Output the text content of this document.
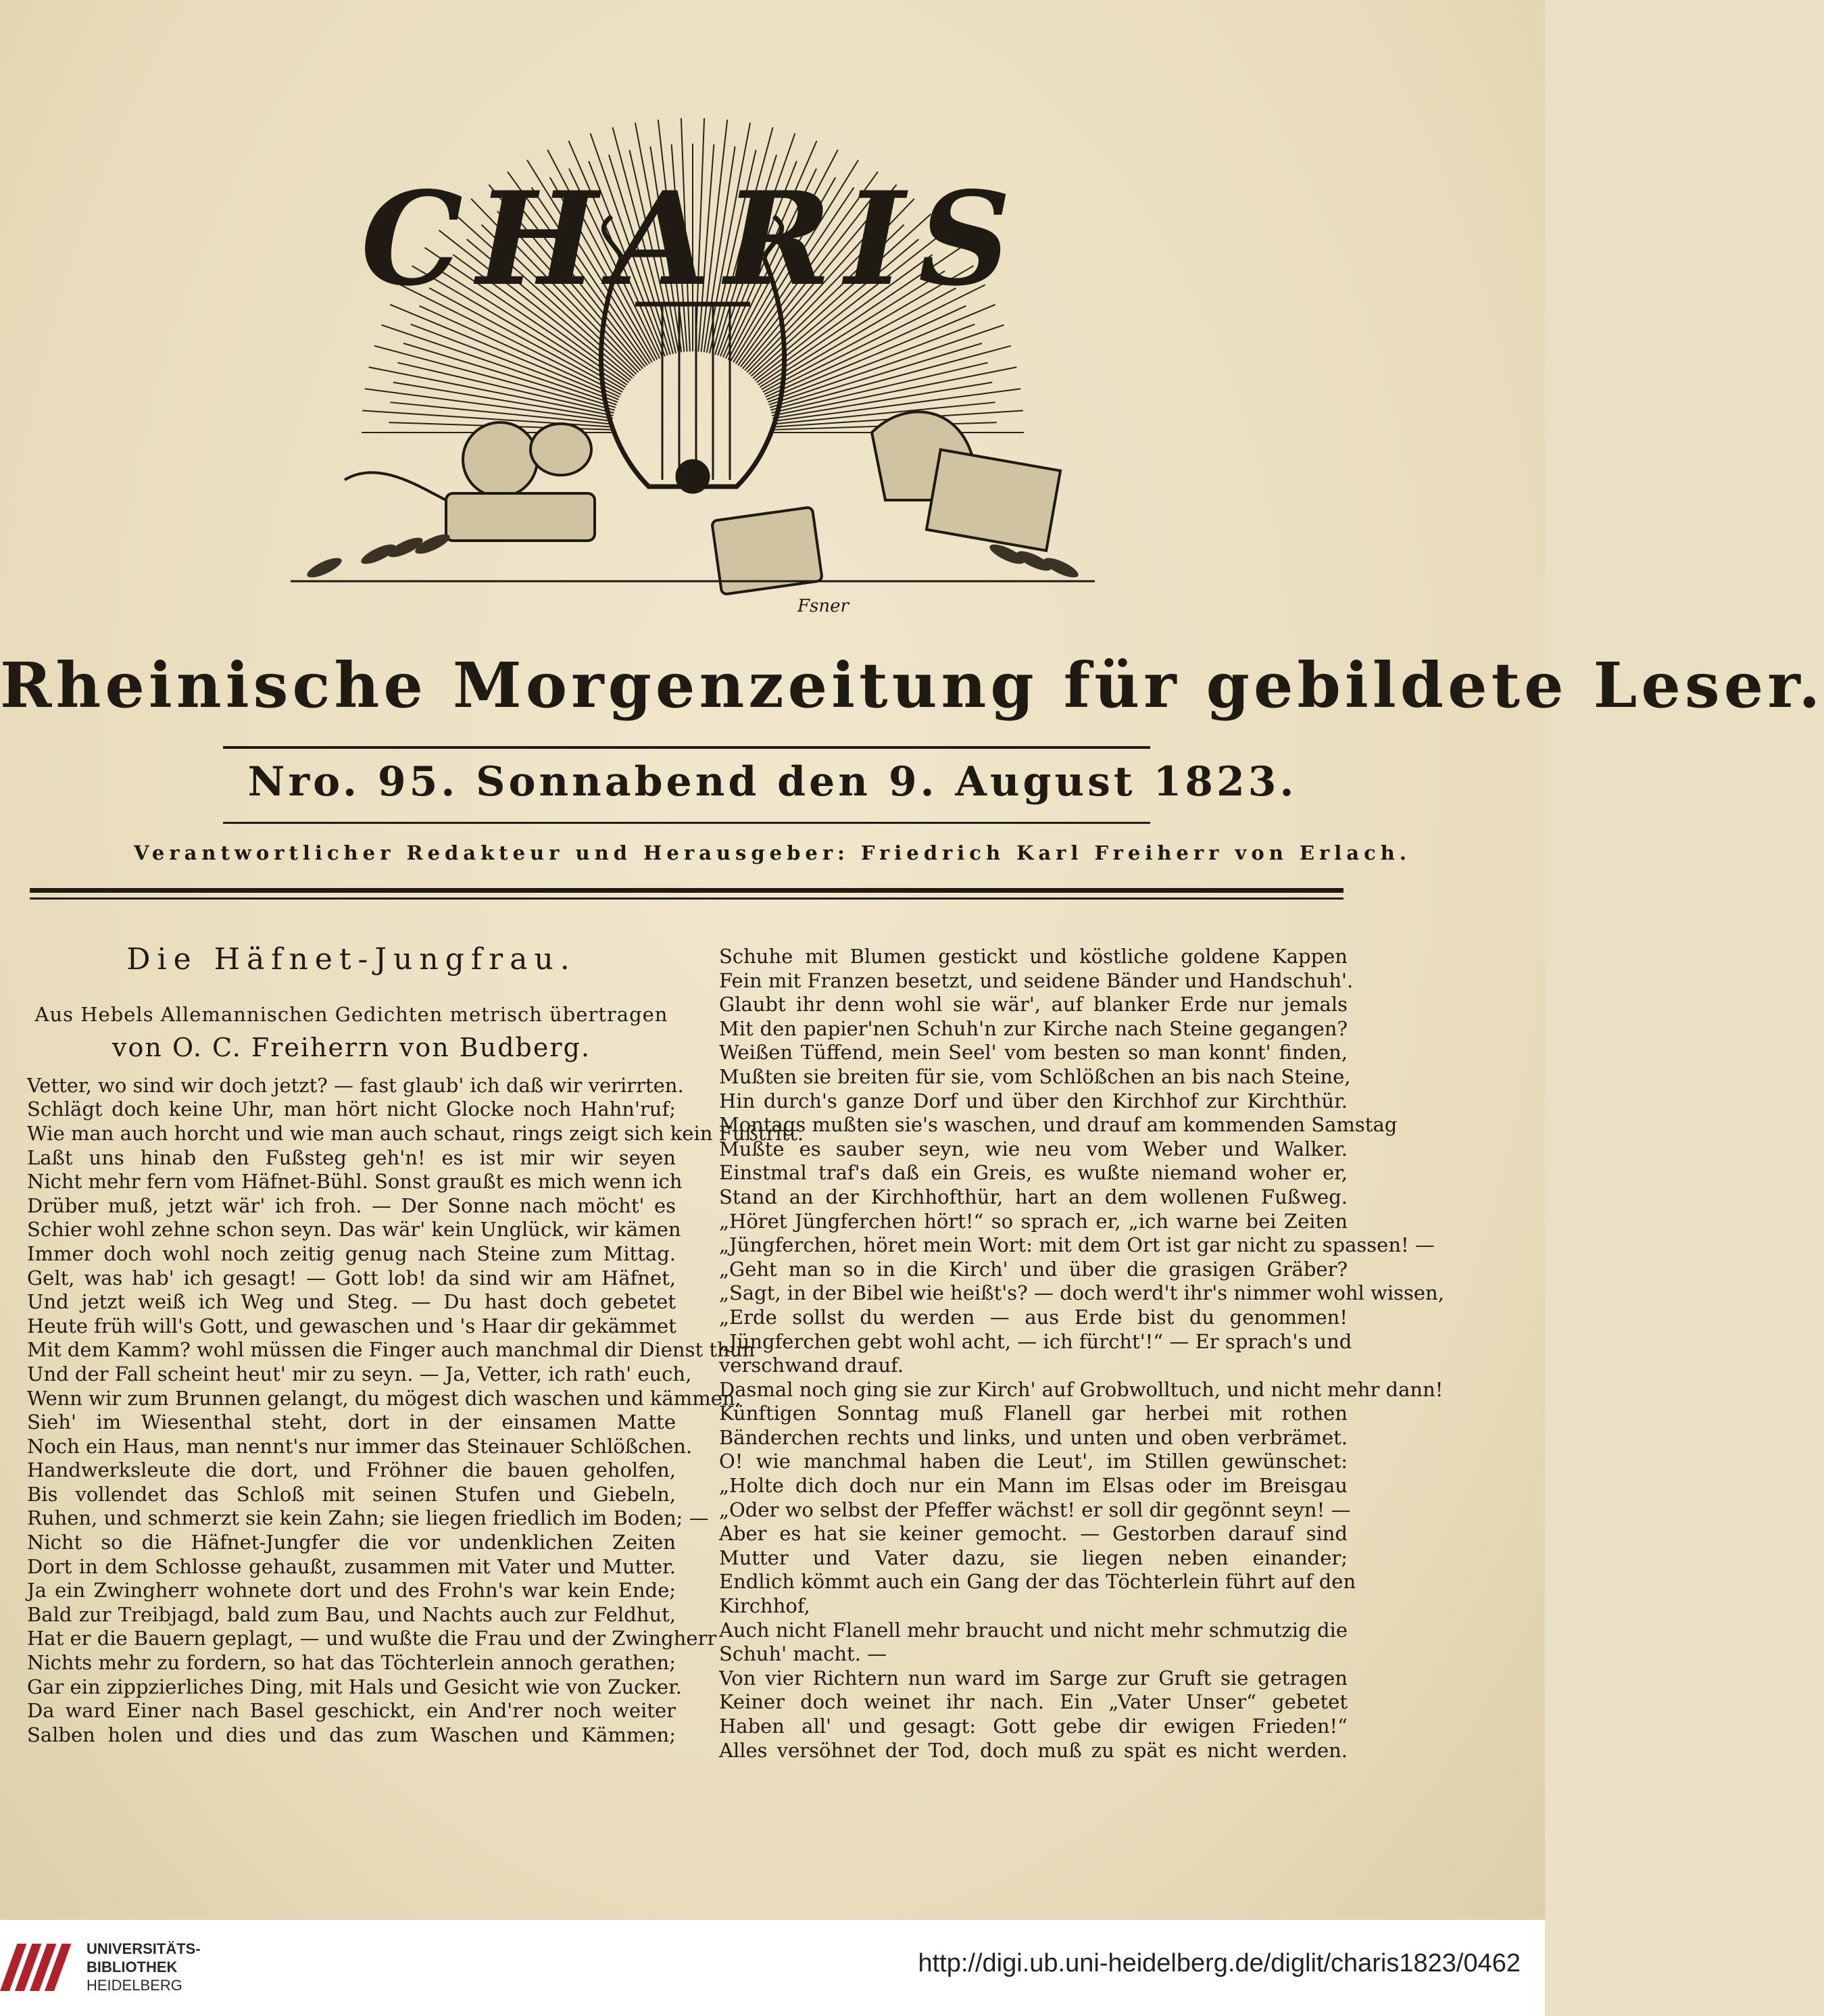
CHARIS
Fsner
Rheinische Morgenzeitung für gebildete Leser.
Nro. 95. Sonnabend den 9. August 1823.
Verantwortlicher Redakteur und Herausgeber: Friedrich Karl Freiherr von Erlach.
Die Häfnet-Jungfrau.
Aus Hebels Allemannischen Gedichten metrisch übertragen
von O. C. Freiherrn von Budberg.
Vetter, wo sind wir doch jetzt? — fast glaub' ich daß wir verirrten.
Schlägt doch keine Uhr, man hört nicht Glocke noch Hahn'ruf;
Wie man auch horcht und wie man auch schaut, rings zeigt sich kein Fußtritt.
Laßt uns hinab den Fußsteg geh'n! es ist mir wir seyen
Nicht mehr fern vom Häfnet-Bühl. Sonst graußt es mich wenn ich
Drüber muß, jetzt wär' ich froh. — Der Sonne nach möcht' es
Schier wohl zehne schon seyn. Das wär' kein Unglück, wir kämen
Immer doch wohl noch zeitig genug nach Steine zum Mittag.
Gelt, was hab' ich gesagt! — Gott lob! da sind wir am Häfnet,
Und jetzt weiß ich Weg und Steg. — Du hast doch gebetet
Heute früh will's Gott, und gewaschen und 's Haar dir gekämmet
Mit dem Kamm? wohl müssen die Finger auch manchmal dir Dienst thun
Und der Fall scheint heut' mir zu seyn. — Ja, Vetter, ich rath' euch,
Wenn wir zum Brunnen gelangt, du mögest dich waschen und kämmen.
Sieh' im Wiesenthal steht, dort in der einsamen Matte
Noch ein Haus, man nennt's nur immer das Steinauer Schlößchen.
Handwerksleute die dort, und Fröhner die bauen geholfen,
Bis vollendet das Schloß mit seinen Stufen und Giebeln,
Ruhen, und schmerzt sie kein Zahn; sie liegen friedlich im Boden; —
Nicht so die Häfnet-Jungfer die vor undenklichen Zeiten
Dort in dem Schlosse gehaußt, zusammen mit Vater und Mutter.
Ja ein Zwingherr wohnete dort und des Frohn's war kein Ende;
Bald zur Treibjagd, bald zum Bau, und Nachts auch zur Feldhut,
Hat er die Bauern geplagt, — und wußte die Frau und der Zwingherr
Nichts mehr zu fordern, so hat das Töchterlein annoch gerathen;
Gar ein zippzierliches Ding, mit Hals und Gesicht wie von Zucker.
Da ward Einer nach Basel geschickt, ein And'rer noch weiter
Salben holen und dies und das zum Waschen und Kämmen;
Schuhe mit Blumen gestickt und köstliche goldene Kappen
Fein mit Franzen besetzt, und seidene Bänder und Handschuh'.
Glaubt ihr denn wohl sie wär', auf blanker Erde nur jemals
Mit den papier'nen Schuh'n zur Kirche nach Steine gegangen?
Weißen Tüffend, mein Seel' vom besten so man konnt' finden,
Mußten sie breiten für sie, vom Schlößchen an bis nach Steine,
Hin durch's ganze Dorf und über den Kirchhof zur Kirchthür.
Montags mußten sie's waschen, und drauf am kommenden Samstag
Mußte es sauber seyn, wie neu vom Weber und Walker.
Einstmal traf's daß ein Greis, es wußte niemand woher er,
Stand an der Kirchhofthür, hart an dem wollenen Fußweg.
„Höret Jüngferchen hört!“ so sprach er, „ich warne bei Zeiten
„Jüngferchen, höret mein Wort: mit dem Ort ist gar nicht zu spassen! —
„Geht man so in die Kirch' und über die grasigen Gräber?
„Sagt, in der Bibel wie heißt's? — doch werd't ihr's nimmer wohl wissen,
„Erde sollst du werden — aus Erde bist du genommen!
„Jüngferchen gebt wohl acht, — ich fürcht'!“ — Er sprach's und
verschwand drauf.
Dasmal noch ging sie zur Kirch' auf Grobwolltuch, und nicht mehr dann!
Künftigen Sonntag muß Flanell gar herbei mit rothen
Bänderchen rechts und links, und unten und oben verbrämet.
O! wie manchmal haben die Leut', im Stillen gewünschet:
„Holte dich doch nur ein Mann im Elsas oder im Breisgau
„Oder wo selbst der Pfeffer wächst! er soll dir gegönnt seyn! —
Aber es hat sie keiner gemocht. — Gestorben darauf sind
Mutter und Vater dazu, sie liegen neben einander;
Endlich kömmt auch ein Gang der das Töchterlein führt auf den
Kirchhof,
Auch nicht Flanell mehr braucht und nicht mehr schmutzig die
Schuh' macht. —
Von vier Richtern nun ward im Sarge zur Gruft sie getragen
Keiner doch weinet ihr nach. Ein „Vater Unser“ gebetet
Haben all' und gesagt: Gott gebe dir ewigen Frieden!“
Alles versöhnet der Tod, doch muß zu spät es nicht werden.
UNIVERSITÄTS-
BIBLIOTHEK
HEIDELBERG
http://digi.ub.uni-heidelberg.de/diglit/charis1823/0462
